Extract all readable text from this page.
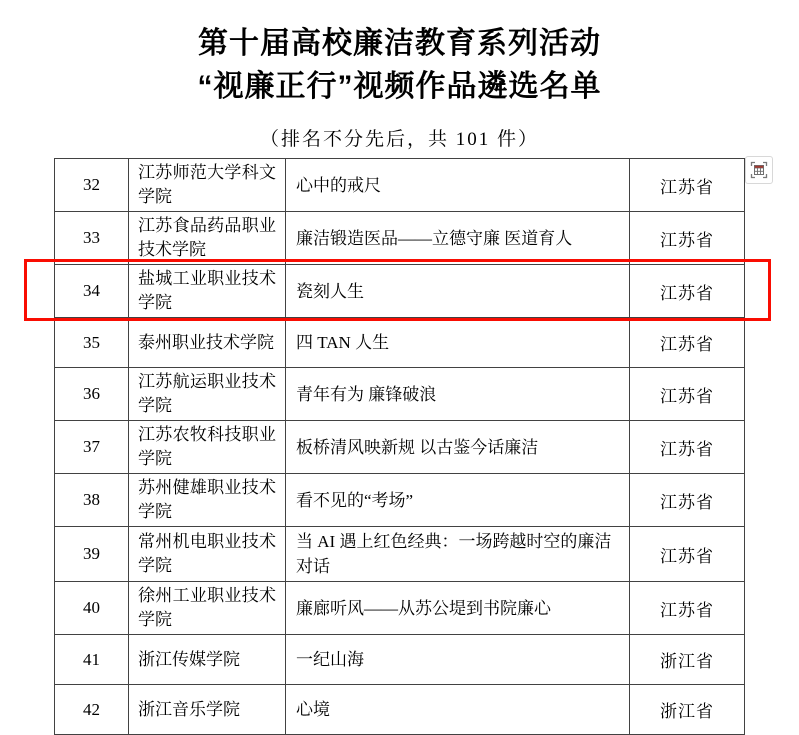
第十届高校廉洁教育系列活动
“视廉正行”视频作品遴选名单
（排名不分先后，共 101 件）
32	江苏师范大学科文学院	心中的戒尺	江苏省
33	江苏食品药品职业技术学院	廉洁锻造医品——立德守廉 医道育人	江苏省
34	盐城工业职业技术学院	瓷刻人生	江苏省
35	泰州职业技术学院	四 TAN 人生	江苏省
36	江苏航运职业技术学院	青年有为 廉锋破浪	江苏省
37	江苏农牧科技职业学院	板桥清风映新规 以古鉴今话廉洁	江苏省
38	苏州健雄职业技术学院	看不见的“考场”	江苏省
39	常州机电职业技术学院	当 AI 遇上红色经典：一场跨越时空的廉洁对话	江苏省
40	徐州工业职业技术学院	廉廊听风——从苏公堤到书院廉心	江苏省
41	浙江传媒学院	一纪山海	浙江省
42	浙江音乐学院	心境	浙江省
